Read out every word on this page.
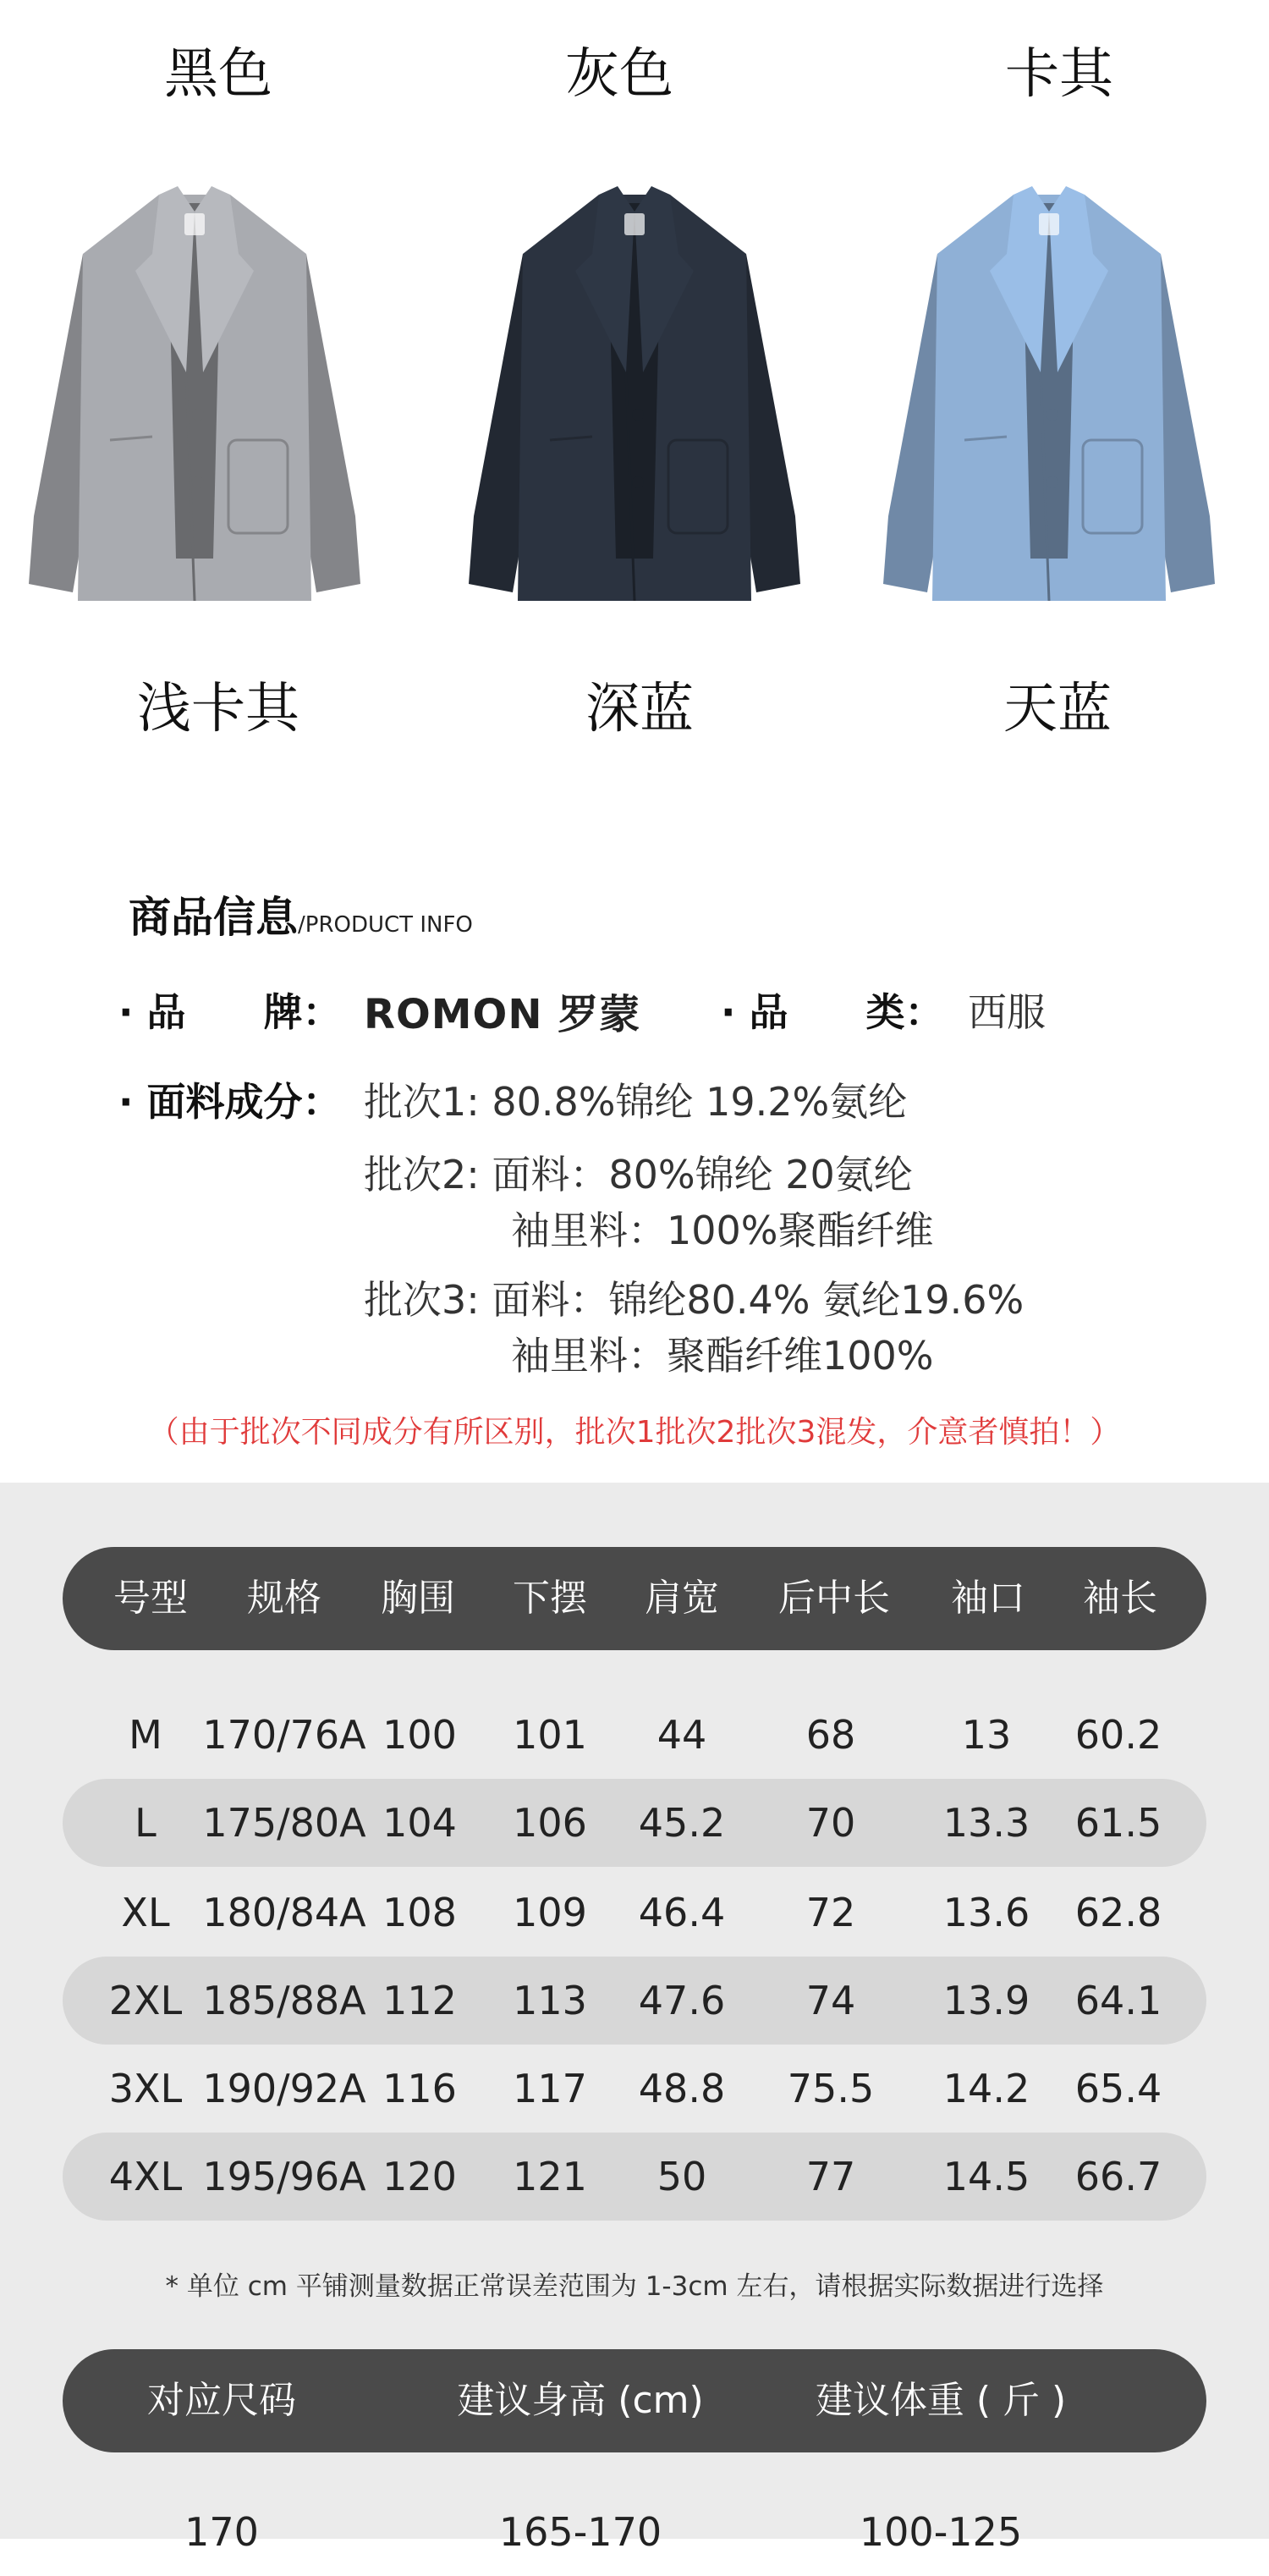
黑色	灰色	卡其
浅卡其	深蓝	天蓝
商品信息/PRODUCT INFO
· 品　　牌： ROMON 罗蒙 · 品　　类： 西服
· 面料成分： 批次1: 80.8%锦纶 19.2%氨纶
批次2: 面料：80%锦纶 20氨纶
袖里料：100%聚酯纤维
批次3: 面料：锦纶80.4% 氨纶19.6%
袖里料：聚酯纤维100%
（由于批次不同成分有所区别，批次1批次2批次3混发，介意者慎拍！）
号型 规格 胸围 下摆 肩宽 后中长 袖口 袖长
M 170/76A 100 101 44	68	13 60.2
L 175/80A 104 106 45.2 70 13.3 61.5
XL 180/84A 108 109 46.4 72 13.6 62.8
2XL 185/88A 112 113 47.6 74 13.9 64.1
3XL 190/92A 116 117 48.8 75.5 14.2 65.4
4XL 195/96A 120 121 50	77 14.5 66.7
* 单位 cm 平铺测量数据正常误差范围为 1-3cm 左右，请根据实际数据进行选择
对应尺码	建议身高 (cm)	建议体重 ( 斤 )
170	165-170	100-125
